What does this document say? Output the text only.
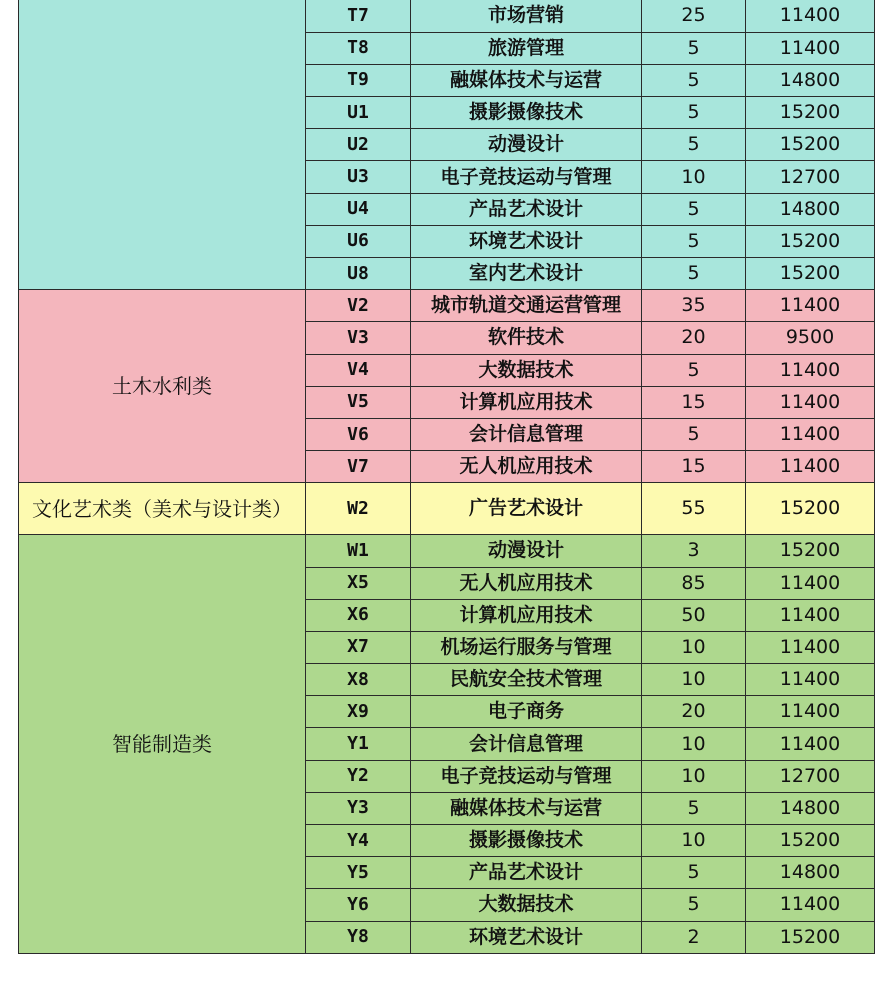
	T7	市场营销	25	11400
	T8	旅游管理	5	11400
	T9	融媒体技术与运营	5	14800
	U1	摄影摄像技术	5	15200
	U2	动漫设计	5	15200
	U3	电子竞技运动与管理	10	12700
	U4	产品艺术设计	5	14800
	U6	环境艺术设计	5	15200
	U8	室内艺术设计	5	15200
土木水利类	V2	城市轨道交通运营管理	35	11400
	V3	软件技术	20	9500
	V4	大数据技术	5	11400
	V5	计算机应用技术	15	11400
	V6	会计信息管理	5	11400
	V7	无人机应用技术	15	11400
文化艺术类（美术与设计类）	W2	广告艺术设计	55	15200
智能制造类	W1	动漫设计	3	15200
	X5	无人机应用技术	85	11400
	X6	计算机应用技术	50	11400
	X7	机场运行服务与管理	10	11400
	X8	民航安全技术管理	10	11400
	X9	电子商务	20	11400
	Y1	会计信息管理	10	11400
	Y2	电子竞技运动与管理	10	12700
	Y3	融媒体技术与运营	5	14800
	Y4	摄影摄像技术	10	15200
	Y5	产品艺术设计	5	14800
	Y6	大数据技术	5	11400
	Y8	环境艺术设计	2	15200
